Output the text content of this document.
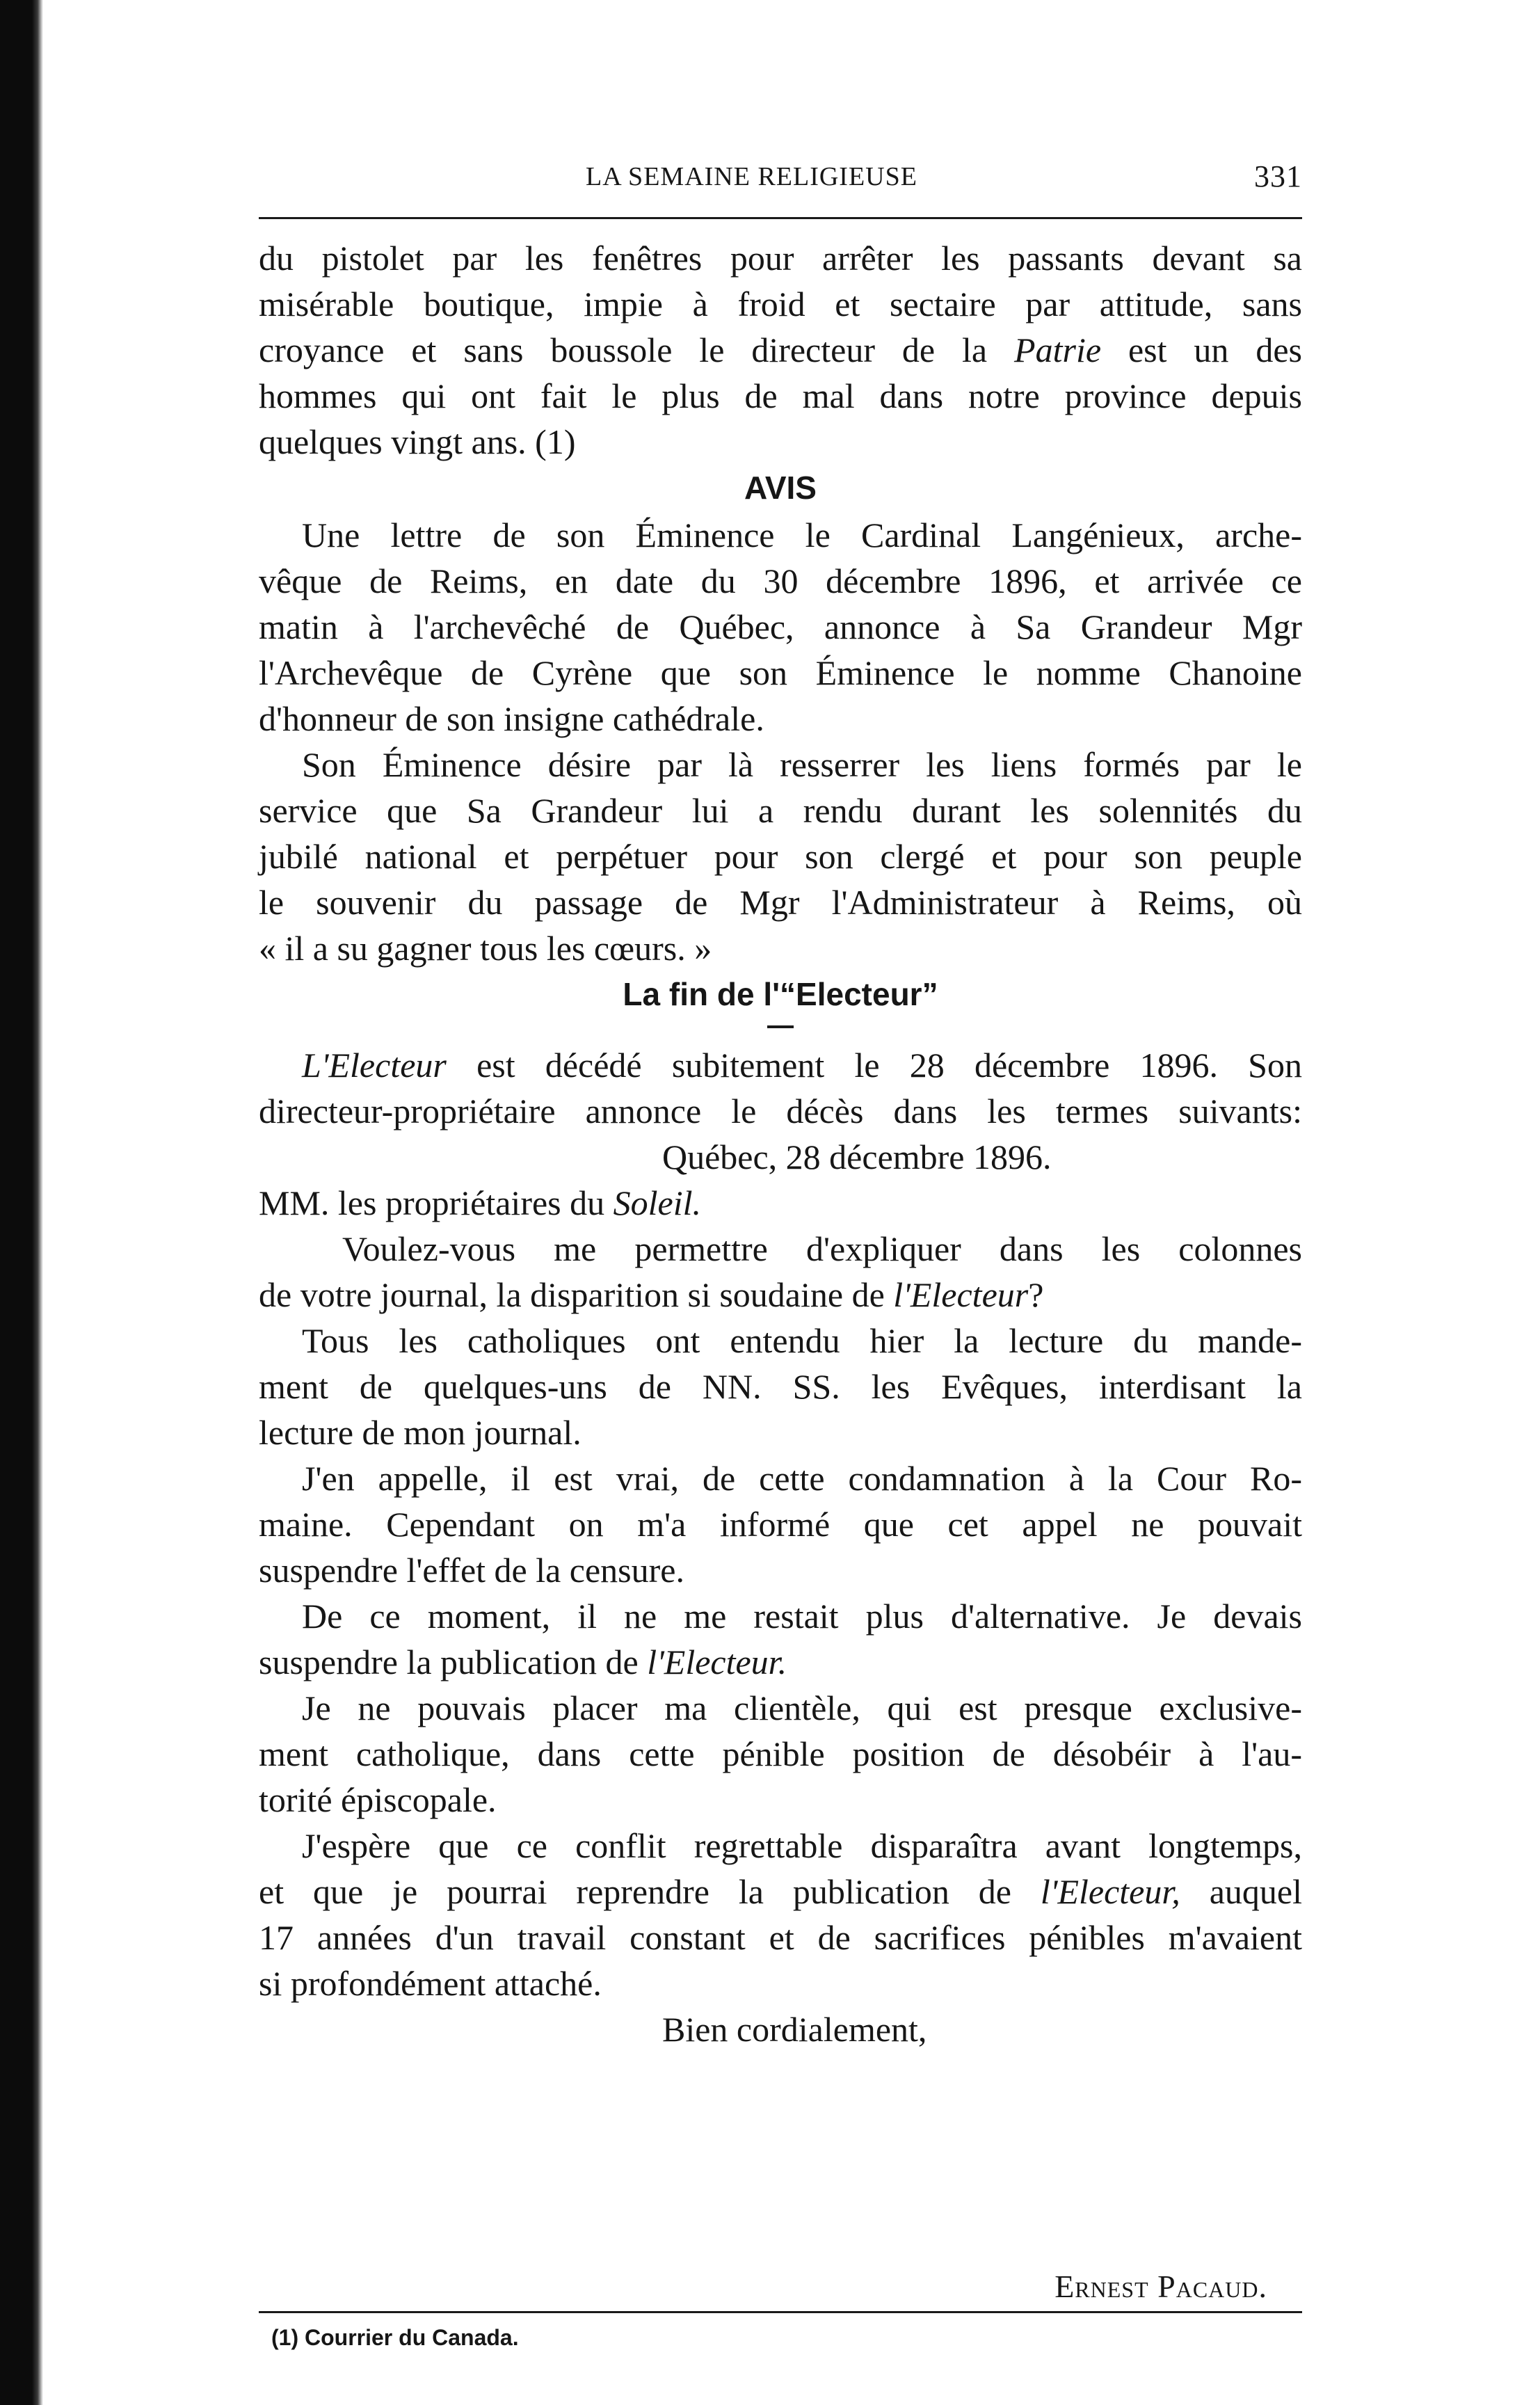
LA SEMAINE RELIGIEUSE	331
du pistolet par les fenêtres pour arrêter les passants devant sa
misérable boutique, impie à froid et sectaire par attitude, sans
croyance et sans boussole le directeur de la Patrie est un des
hommes qui ont fait le plus de mal dans notre province depuis
quelques vingt ans. (1)
AVIS
Une lettre de son Éminence le Cardinal Langénieux, arche-
vêque de Reims, en date du 30 décembre 1896, et arrivée ce
matin à l'archevêché de Québec, annonce à Sa Grandeur Mgr
l'Archevêque de Cyrène que son Éminence le nomme Chanoine
d'honneur de son insigne cathédrale.
Son Éminence désire par là resserrer les liens formés par le
service que Sa Grandeur lui a rendu durant les solennités du
jubilé national et perpétuer pour son clergé et pour son peuple
le souvenir du passage de Mgr l'Administrateur à Reims, où
« il a su gagner tous les cœurs. »
La fin de l'“Electeur”
L'Electeur est décédé subitement le 28 décembre 1896. Son
directeur-propriétaire annonce le décès dans les termes suivants:
Québec, 28 décembre 1896.
MM. les propriétaires du Soleil.
Voulez-vous me permettre d'expliquer dans les colonnes
de votre journal, la disparition si soudaine de l'Electeur?
Tous les catholiques ont entendu hier la lecture du mande-
ment de quelques-uns de NN. SS. les Evêques, interdisant la
lecture de mon journal.
J'en appelle, il est vrai, de cette condamnation à la Cour Ro-
maine. Cependant on m'a informé que cet appel ne pouvait
suspendre l'effet de la censure.
De ce moment, il ne me restait plus d'alternative. Je devais
suspendre la publication de l'Electeur.
Je ne pouvais placer ma clientèle, qui est presque exclusive-
ment catholique, dans cette pénible position de désobéir à l'au-
torité épiscopale.
J'espère que ce conflit regrettable disparaîtra avant longtemps,
et que je pourrai reprendre la publication de l'Electeur, auquel
17 années d'un travail constant et de sacrifices pénibles m'avaient
si profondément attaché.
Bien cordialement,
Ernest Pacaud.
(1) Courrier du Canada.
